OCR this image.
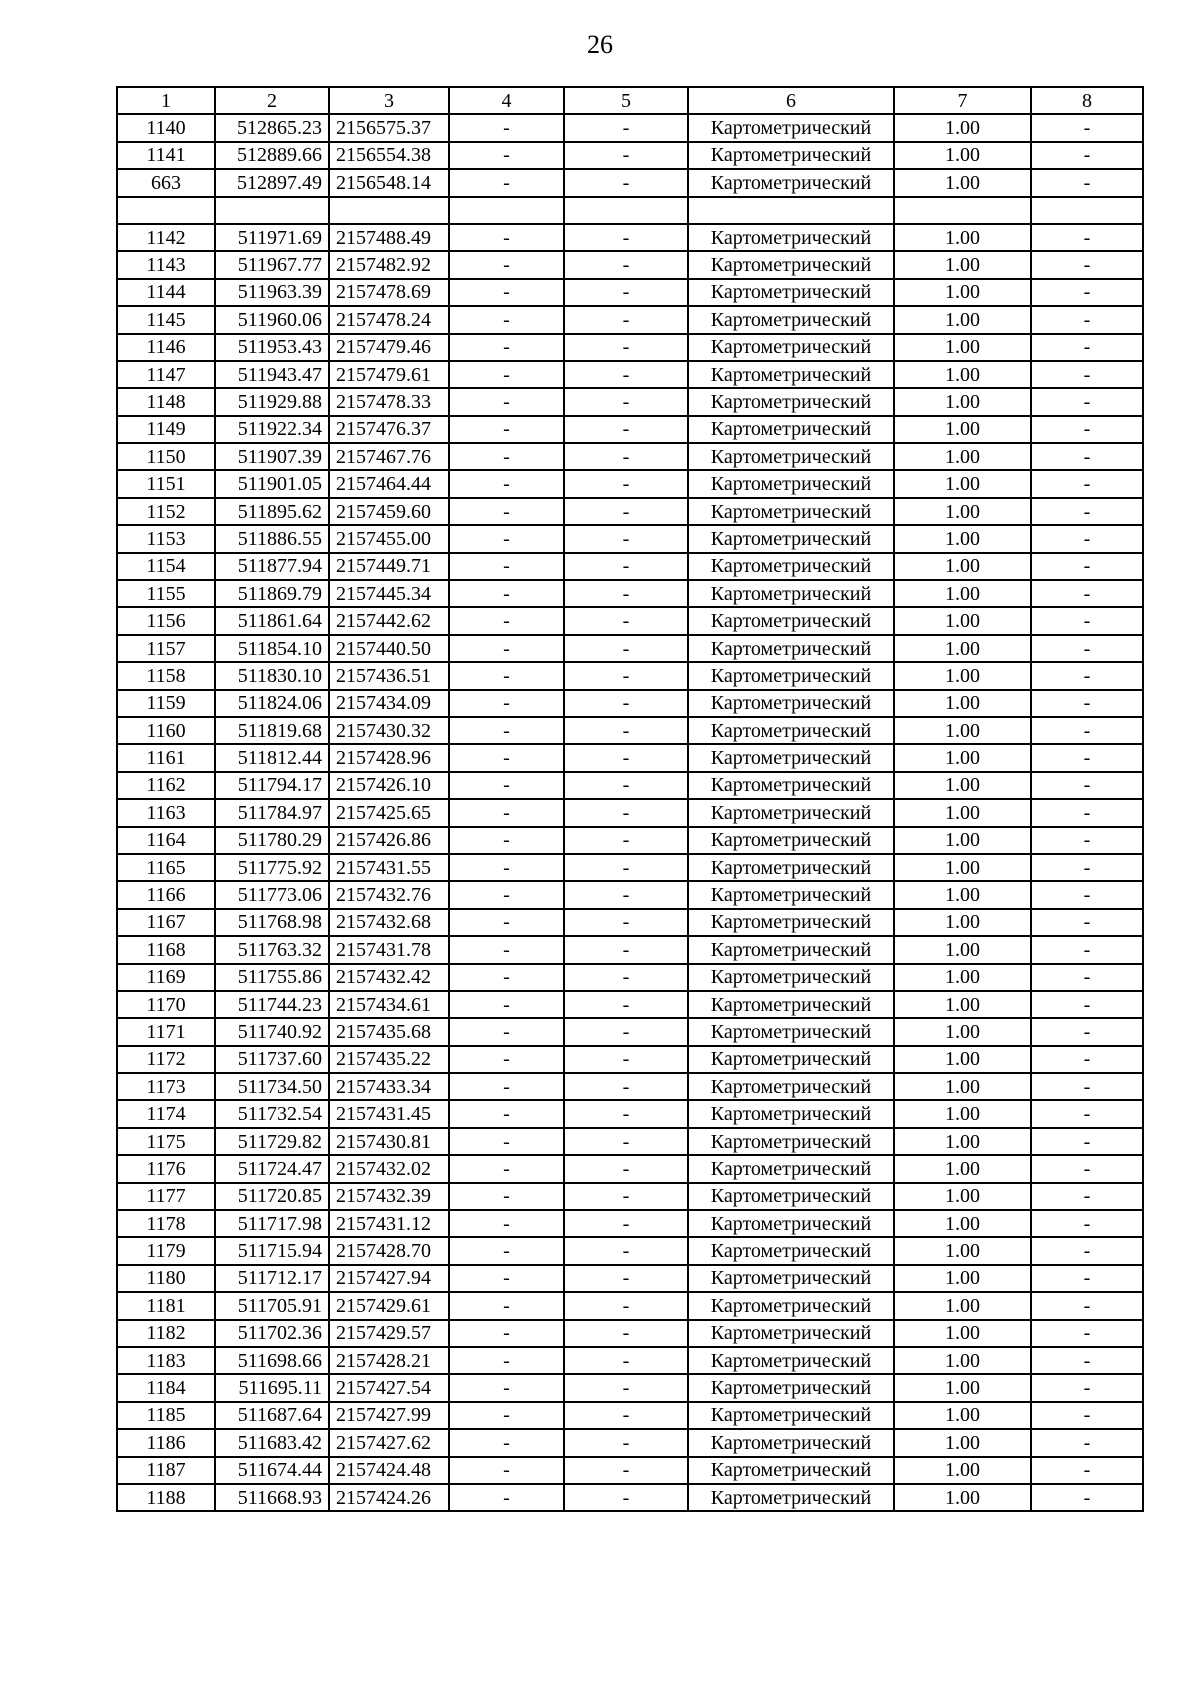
26
1	2	3	4	5	6	7	8
1140	512865.23	2156575.37	-	-	Картометрический	1.00	-
1141	512889.66	2156554.38	-	-	Картометрический	1.00	-
663	512897.49	2156548.14	-	-	Картометрический	1.00	-

1142	511971.69	2157488.49	-	-	Картометрический	1.00	-
1143	511967.77	2157482.92	-	-	Картометрический	1.00	-
1144	511963.39	2157478.69	-	-	Картометрический	1.00	-
1145	511960.06	2157478.24	-	-	Картометрический	1.00	-
1146	511953.43	2157479.46	-	-	Картометрический	1.00	-
1147	511943.47	2157479.61	-	-	Картометрический	1.00	-
1148	511929.88	2157478.33	-	-	Картометрический	1.00	-
1149	511922.34	2157476.37	-	-	Картометрический	1.00	-
1150	511907.39	2157467.76	-	-	Картометрический	1.00	-
1151	511901.05	2157464.44	-	-	Картометрический	1.00	-
1152	511895.62	2157459.60	-	-	Картометрический	1.00	-
1153	511886.55	2157455.00	-	-	Картометрический	1.00	-
1154	511877.94	2157449.71	-	-	Картометрический	1.00	-
1155	511869.79	2157445.34	-	-	Картометрический	1.00	-
1156	511861.64	2157442.62	-	-	Картометрический	1.00	-
1157	511854.10	2157440.50	-	-	Картометрический	1.00	-
1158	511830.10	2157436.51	-	-	Картометрический	1.00	-
1159	511824.06	2157434.09	-	-	Картометрический	1.00	-
1160	511819.68	2157430.32	-	-	Картометрический	1.00	-
1161	511812.44	2157428.96	-	-	Картометрический	1.00	-
1162	511794.17	2157426.10	-	-	Картометрический	1.00	-
1163	511784.97	2157425.65	-	-	Картометрический	1.00	-
1164	511780.29	2157426.86	-	-	Картометрический	1.00	-
1165	511775.92	2157431.55	-	-	Картометрический	1.00	-
1166	511773.06	2157432.76	-	-	Картометрический	1.00	-
1167	511768.98	2157432.68	-	-	Картометрический	1.00	-
1168	511763.32	2157431.78	-	-	Картометрический	1.00	-
1169	511755.86	2157432.42	-	-	Картометрический	1.00	-
1170	511744.23	2157434.61	-	-	Картометрический	1.00	-
1171	511740.92	2157435.68	-	-	Картометрический	1.00	-
1172	511737.60	2157435.22	-	-	Картометрический	1.00	-
1173	511734.50	2157433.34	-	-	Картометрический	1.00	-
1174	511732.54	2157431.45	-	-	Картометрический	1.00	-
1175	511729.82	2157430.81	-	-	Картометрический	1.00	-
1176	511724.47	2157432.02	-	-	Картометрический	1.00	-
1177	511720.85	2157432.39	-	-	Картометрический	1.00	-
1178	511717.98	2157431.12	-	-	Картометрический	1.00	-
1179	511715.94	2157428.70	-	-	Картометрический	1.00	-
1180	511712.17	2157427.94	-	-	Картометрический	1.00	-
1181	511705.91	2157429.61	-	-	Картометрический	1.00	-
1182	511702.36	2157429.57	-	-	Картометрический	1.00	-
1183	511698.66	2157428.21	-	-	Картометрический	1.00	-
1184	511695.11	2157427.54	-	-	Картометрический	1.00	-
1185	511687.64	2157427.99	-	-	Картометрический	1.00	-
1186	511683.42	2157427.62	-	-	Картометрический	1.00	-
1187	511674.44	2157424.48	-	-	Картометрический	1.00	-
1188	511668.93	2157424.26	-	-	Картометрический	1.00	-
